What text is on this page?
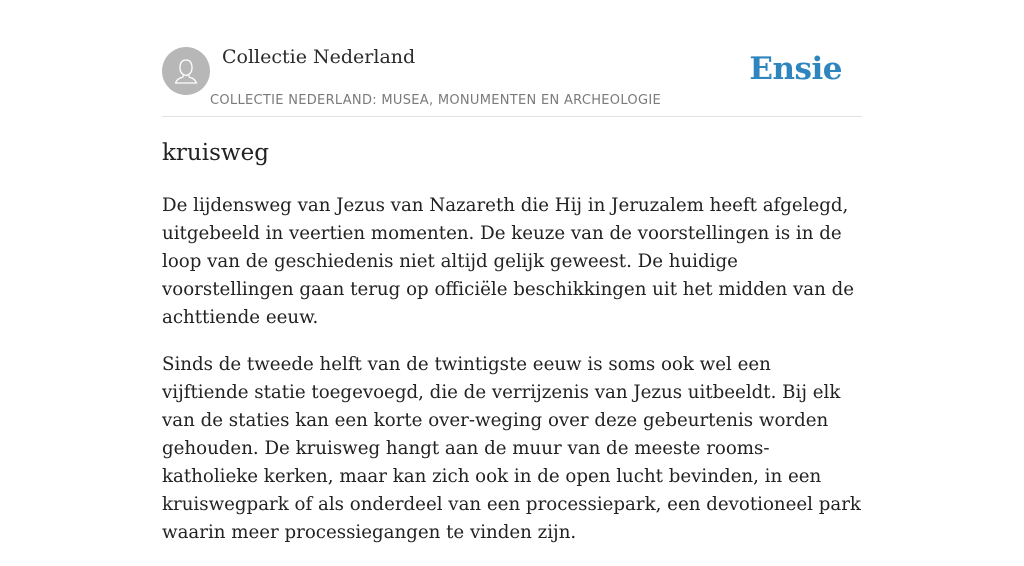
Collectie Nederland
COLLECTIE NEDERLAND: MUSEA, MONUMENTEN EN ARCHEOLOGIE
Ensie
kruisweg

De lijdensweg van Jezus van Nazareth die Hij in Jeruzalem heeft afgelegd, uitgebeeld in veertien momenten. De keuze van de voorstellingen is in de loop van de geschiedenis niet altijd gelijk geweest. De huidige voorstellingen gaan terug op officiële beschikkingen uit het midden van de achttiende eeuw.

Sinds de tweede helft van de twintigste eeuw is soms ook wel een vijftiende statie toegevoegd, die de verrijzenis van Jezus uitbeeldt. Bij elk van de staties kan een korte over-weging over deze gebeurtenis worden gehouden. De kruisweg hangt aan de muur van de meeste rooms-katholieke kerken, maar kan zich ook in de open lucht bevinden, in een kruiswegpark of als onderdeel van een processiepark, een devotioneel park waarin meer processiegangen te vinden zijn.
